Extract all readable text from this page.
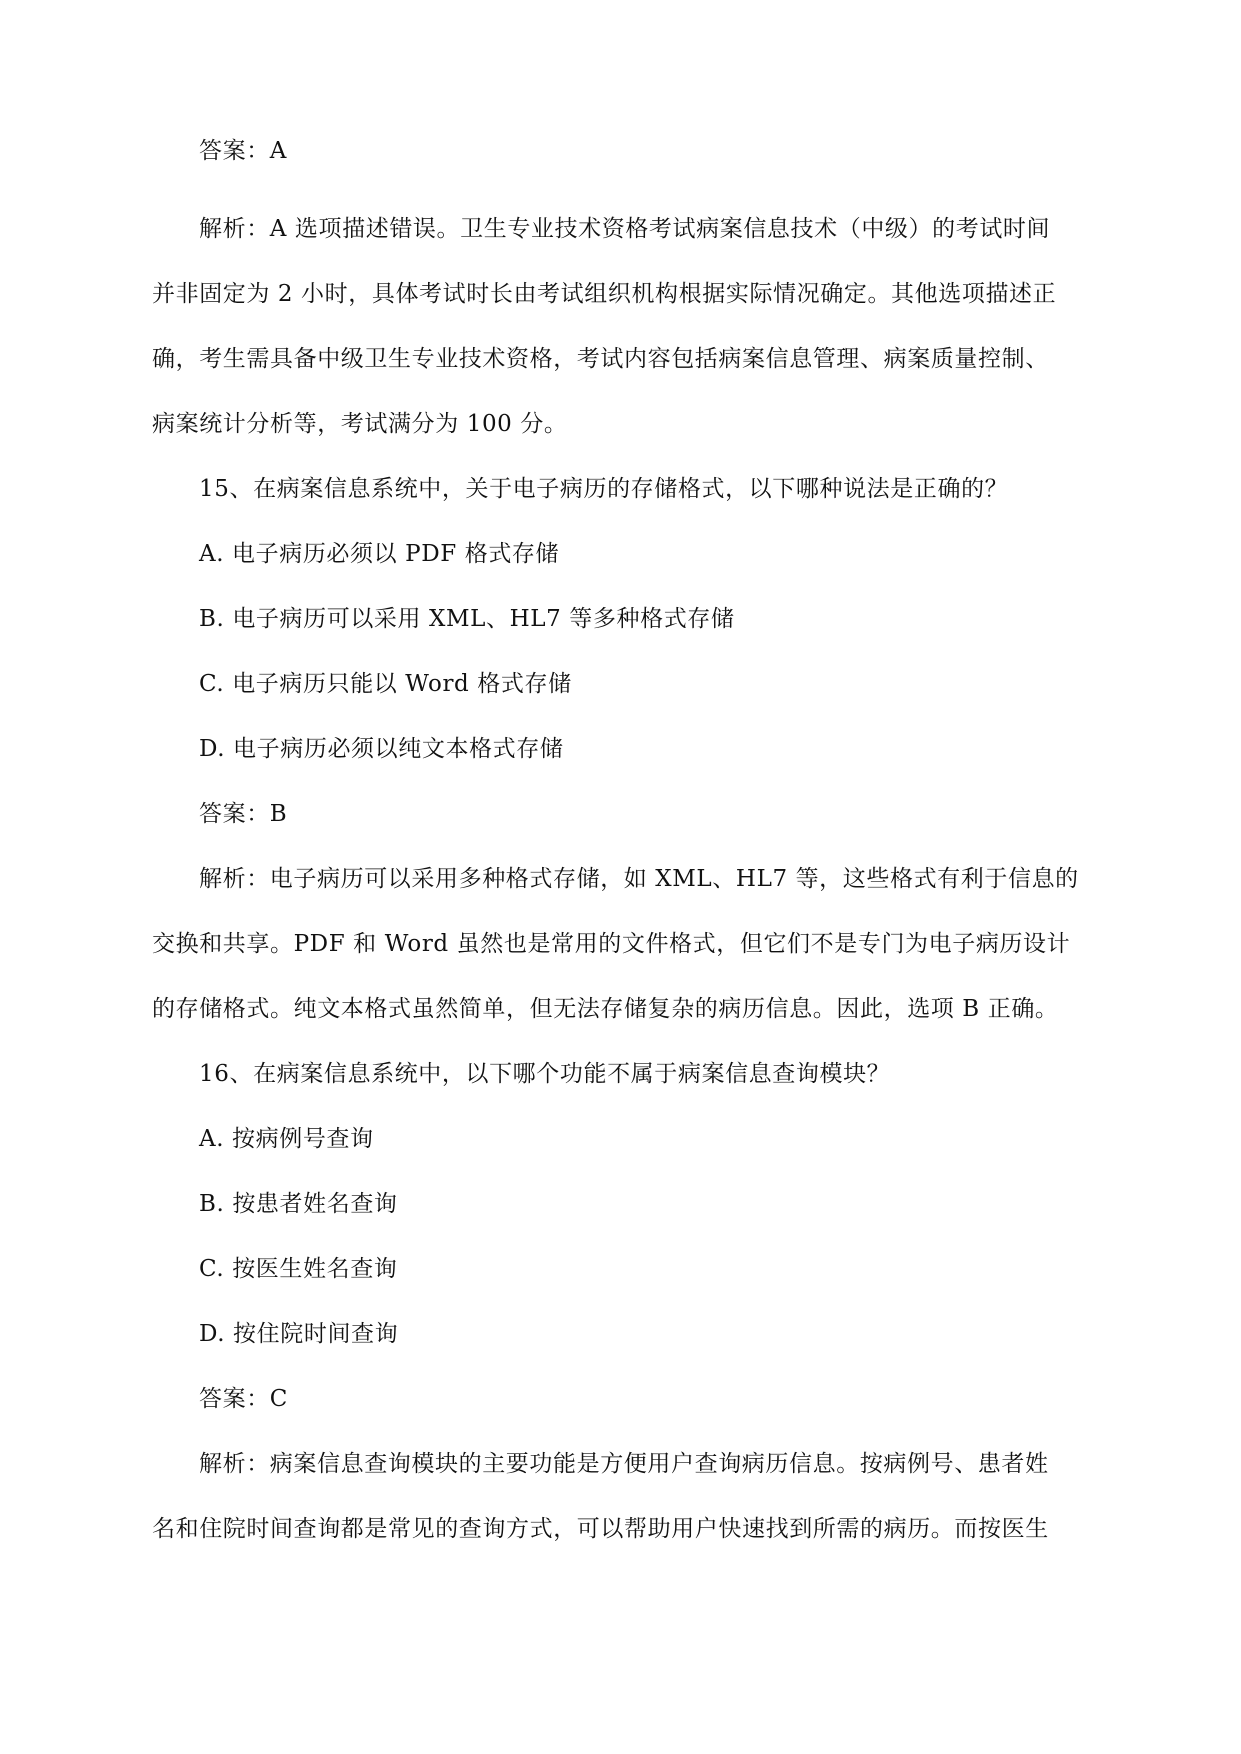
答案：A
解析：A 选项描述错误。卫生专业技术资格考试病案信息技术（中级）的考试时间
并非固定为 2 小时，具体考试时长由考试组织机构根据实际情况确定。其他选项描述正
确，考生需具备中级卫生专业技术资格，考试内容包括病案信息管理、病案质量控制、
病案统计分析等，考试满分为 100 分。
15、在病案信息系统中，关于电子病历的存储格式，以下哪种说法是正确的？
A. 电子病历必须以 PDF 格式存储
B. 电子病历可以采用 XML、HL7 等多种格式存储
C. 电子病历只能以 Word 格式存储
D. 电子病历必须以纯文本格式存储
答案：B
解析：电子病历可以采用多种格式存储，如 XML、HL7 等，这些格式有利于信息的
交换和共享。PDF 和 Word 虽然也是常用的文件格式，但它们不是专门为电子病历设计
的存储格式。纯文本格式虽然简单，但无法存储复杂的病历信息。因此，选项 B 正确。
16、在病案信息系统中，以下哪个功能不属于病案信息查询模块？
A. 按病例号查询
B. 按患者姓名查询
C. 按医生姓名查询
D. 按住院时间查询
答案：C
解析：病案信息查询模块的主要功能是方便用户查询病历信息。按病例号、患者姓
名和住院时间查询都是常见的查询方式，可以帮助用户快速找到所需的病历。而按医生
